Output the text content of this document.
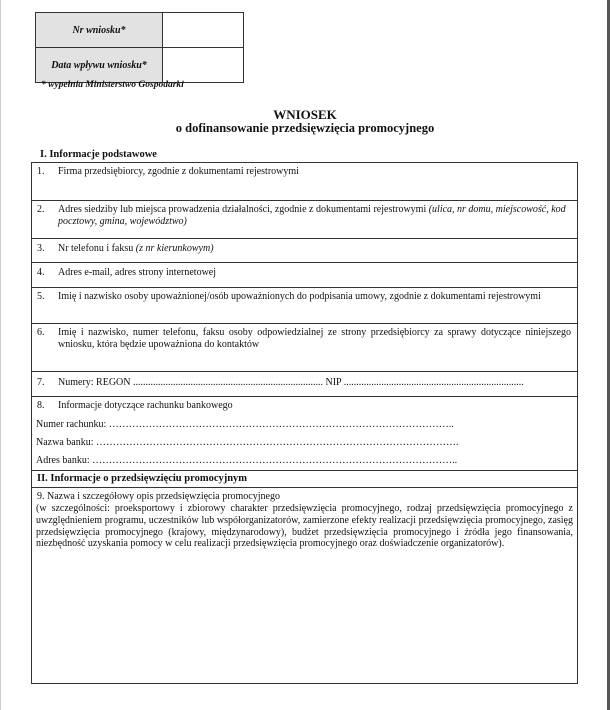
Nr wniosku*	
Data wpływu wniosku*	
* wypełnia Ministerstwo Gospodarki
WNIOSEK
o dofinansowanie przedsięwzięcia promocyjnego
I. Informacje podstawowe
1. Firma przedsiębiorcy, zgodnie z dokumentami rejestrowymi
2. Adres siedziby lub miejsca prowadzenia działalności, zgodnie z dokumentami rejestrowymi (ulica, nr domu, miejscowość, kod pocztowy, gmina, województwo)
3. Nr telefonu i faksu (z nr kierunkowym)
4. Adres e-mail, adres strony internetowej
5. Imię i nazwisko osoby upoważnionej/osób upoważnionych do podpisania umowy, zgodnie z dokumentami rejestrowymi
6. Imię i nazwisko, numer telefonu, faksu osoby odpowiedzialnej ze strony przedsiębiorcy za sprawy dotyczące niniejszego wniosku, która będzie upoważniona do kontaktów
7. Numery: REGON ............................................................................ NIP ........................................................................
8. Informacje dotyczące rachunku bankowego
Numer rachunku: …………………………………………………………………………………………..
Nazwa banku: ……………………………………………………………………………………………….
Adres banku: ………………………………………………………………………………………………..
II. Informacje o przedsięwzięciu promocyjnym
9. Nazwa i szczegółowy opis przedsięwzięcia promocyjnego
(w szczególności: proeksportowy i zbiorowy charakter przedsięwzięcia promocyjnego, rodzaj przedsięwzięcia promocyjnego z uwzględnieniem programu, uczestników lub współorganizatorów, zamierzone efekty realizacji przedsięwzięcia promocyjnego, zasięg przedsięwzięcia promocyjnego (krajowy, międzynarodowy), budżet przedsięwzięcia promocyjnego i źródła jego finansowania, niezbędność uzyskania pomocy w celu realizacji przedsięwzięcia promocyjnego oraz doświadczenie organizatorów).
